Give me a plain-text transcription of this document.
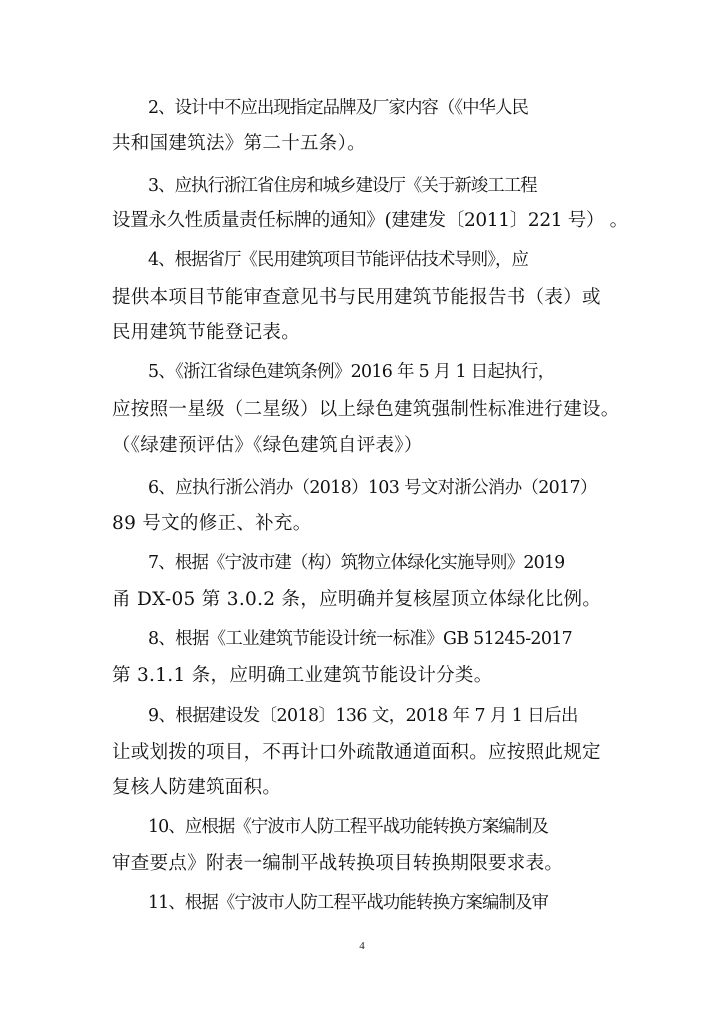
2、设计中不应出现指定品牌及厂家内容（《中华人民
共和国建筑法》第二十五条）。
3、应执行浙江省住房和城乡建设厅《关于新竣工工程
设置永久性质量责任标牌的通知》(建建发〔2011〕221 号） 。
4、根据省厅《民用建筑项目节能评估技术导则》，应
提供本项目节能审查意见书与民用建筑节能报告书（表）或
民用建筑节能登记表。
5、《浙江省绿色建筑条例》2016 年 5 月 1 日起执行，
应按照一星级（二星级）以上绿色建筑强制性标准进行建设。
（《绿建预评估》《绿色建筑自评表》）
6、应执行浙公消办（2018）103 号文对浙公消办（2017）
89 号文的修正、补充。
7、根据《宁波市建（构）筑物立体绿化实施导则》2019
甬 DX-05 第 3.0.2 条，应明确并复核屋顶立体绿化比例。
8、根据《工业建筑节能设计统一标准》GB 51245-2017
第 3.1.1 条，应明确工业建筑节能设计分类。
9、根据建设发〔2018〕136 文，2018 年 7 月 1 日后出
让或划拨的项目，不再计口外疏散通道面积。应按照此规定
复核人防建筑面积。
10、应根据《宁波市人防工程平战功能转换方案编制及
审查要点》附表一编制平战转换项目转换期限要求表。
11、根据《宁波市人防工程平战功能转换方案编制及审
4
